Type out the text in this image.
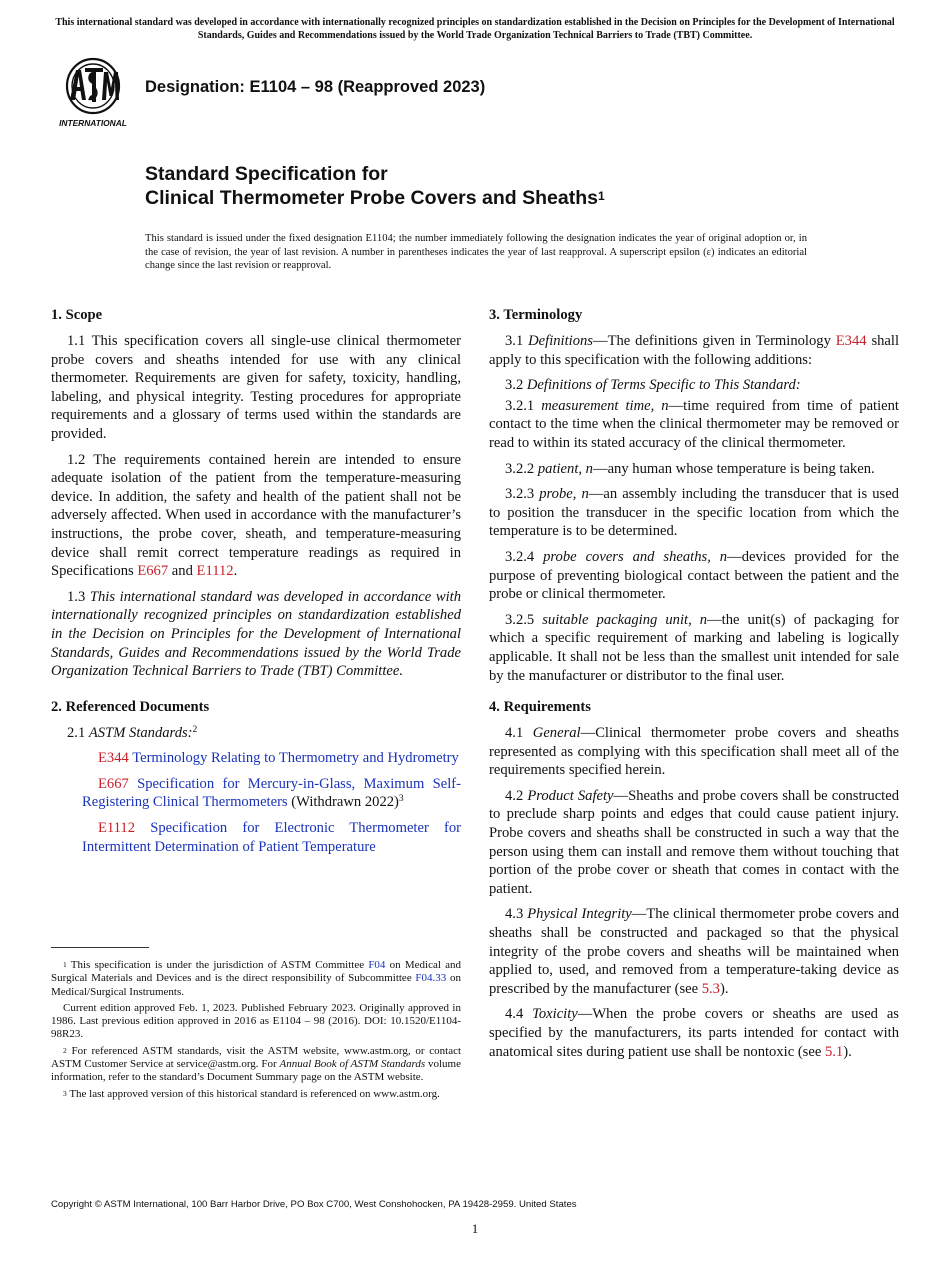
This international standard was developed in accordance with internationally recognized principles on standardization established in the Decision on Principles for the Development of International Standards, Guides and Recommendations issued by the World Trade Organization Technical Barriers to Trade (TBT) Committee.
INTERNATIONAL
Designation: E1104 – 98 (Reapproved 2023)
Standard Specification for
Clinical Thermometer Probe Covers and Sheaths$^1$
This standard is issued under the fixed designation E1104; the number immediately following the designation indicates the year of original adoption or, in the case of revision, the year of last revision. A number in parentheses indicates the year of last reapproval. A superscript epsilon (ε) indicates an editorial change since the last revision or reapproval.
1. Scope

1.1 This specification covers all single-use clinical thermometer probe covers and sheaths intended for use with any clinical thermometer. Requirements are given for safety, toxicity, handling, labeling, and physical integrity. Testing procedures for appropriate requirements and a glossary of terms used within the standards are provided.

1.2 The requirements contained herein are intended to ensure adequate isolation of the patient from the temperature-measuring device. In addition, the safety and health of the patient shall not be adversely affected. When used in accordance with the manufacturer’s instructions, the probe cover, sheath, and temperature-measuring device shall remit correct temperature readings as required in Specifications E667 and E1112.

1.3 This international standard was developed in accordance with internationally recognized principles on standardization established in the Decision on Principles for the Development of International Standards, Guides and Recommendations issued by the World Trade Organization Technical Barriers to Trade (TBT) Committee.

2. Referenced Documents

2.1 ASTM Standards:$^2$

E344 Terminology Relating to Thermometry and Hydrometry

E667 Specification for Mercury-in-Glass, Maximum Self-Registering Clinical Thermometers (Withdrawn 2022)$^3$

E1112 Specification for Electronic Thermometer for Intermittent Determination of Patient Temperature

$^1$ This specification is under the jurisdiction of ASTM Committee F04 on Medical and Surgical Materials and Devices and is the direct responsibility of Subcommittee F04.33 on Medical/Surgical Instruments.

Current edition approved Feb. 1, 2023. Published February 2023. Originally approved in 1986. Last previous edition approved in 2016 as E1104 – 98 (2016). DOI: 10.1520/E1104-98R23.

$^2$ For referenced ASTM standards, visit the ASTM website, www.astm.org, or contact ASTM Customer Service at service@astm.org. For Annual Book of ASTM Standards volume information, refer to the standard’s Document Summary page on the ASTM website.

$^3$ The last approved version of this historical standard is referenced on www.astm.org.

3. Terminology

3.1 Definitions—The definitions given in Terminology E344 shall apply to this specification with the following additions:

3.2 Definitions of Terms Specific to This Standard:

3.2.1 measurement time, n—time required from time of patient contact to the time when the clinical thermometer may be removed or read to within its stated accuracy of the clinical thermometer.

3.2.2 patient, n—any human whose temperature is being taken.

3.2.3 probe, n—an assembly including the transducer that is used to position the transducer in the specific location from which the temperature is to be determined.

3.2.4 probe covers and sheaths, n—devices provided for the purpose of preventing biological contact between the patient and the probe or clinical thermometer.

3.2.5 suitable packaging unit, n—the unit(s) of packaging for which a specific requirement of marking and labeling is logically applicable. It shall not be less than the smallest unit intended for sale by the manufacturer or distributor to the final user.

4. Requirements

4.1 General—Clinical thermometer probe covers and sheaths represented as complying with this specification shall meet all of the requirements specified herein.

4.2 Product Safety—Sheaths and probe covers shall be constructed to preclude sharp points and edges that could cause patient injury. Probe covers and sheaths shall be constructed in such a way that the person using them can install and remove them without touching that portion of the probe cover or sheath that comes in contact with the patient.

4.3 Physical Integrity—The clinical thermometer probe covers and sheaths shall be constructed and packaged so that the physical integrity of the probe covers and sheaths will be maintained when applied to, used, and removed from a temperature-taking device as prescribed by the manufacturer (see 5.3).

4.4 Toxicity—When the probe covers or sheaths are used as specified by the manufacturers, its parts intended for contact with anatomical sites during patient use shall be nontoxic (see 5.1).

Copyright © ASTM International, 100 Barr Harbor Drive, PO Box C700, West Conshohocken, PA 19428-2959. United States
1
